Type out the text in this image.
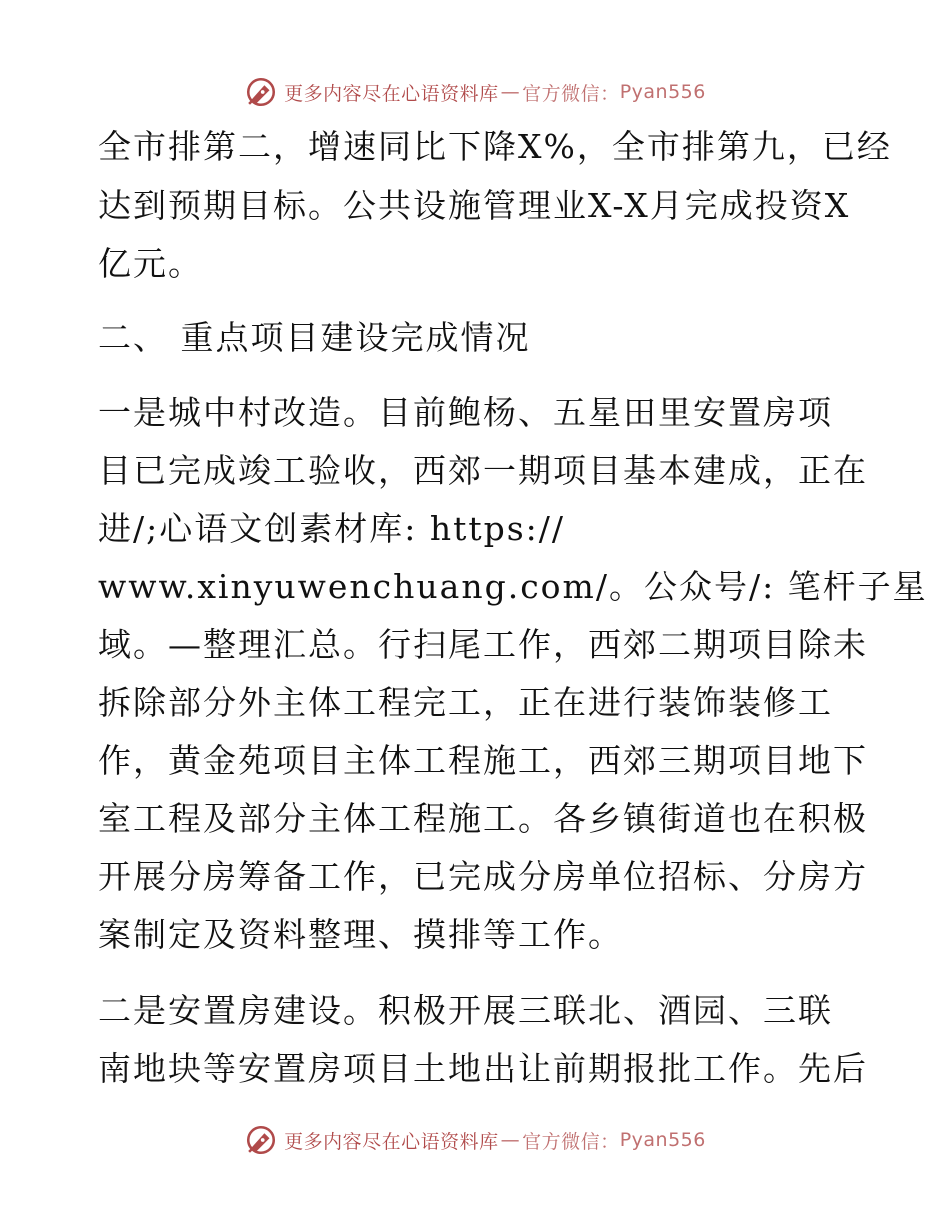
更多内容尽在心语资料库 — 官方微信： Pyan556
全市排第二，增速同比下降X%，全市排第九，已经
达到预期目标。公共设施管理业X-X月完成投资X
亿元。
二、 重点项目建设完成情况
一是城中村改造。目前鲍杨、五星田里安置房项
目已完成竣工验收，西郊一期项目基本建成，正在
进/;心语文创素材库: https://
www.xinyuwenchuang.com/。公众号/: 笔杆子星
域。—整理汇总。行扫尾工作，西郊二期项目除未
拆除部分外主体工程完工，正在进行装饰装修工
作，黄金苑项目主体工程施工，西郊三期项目地下
室工程及部分主体工程施工。各乡镇街道也在积极
开展分房筹备工作，已完成分房单位招标、分房方
案制定及资料整理、摸排等工作。
二是安置房建设。积极开展三联北、酒园、三联
南地块等安置房项目土地出让前期报批工作。先后
更多内容尽在心语资料库 — 官方微信： Pyan556
